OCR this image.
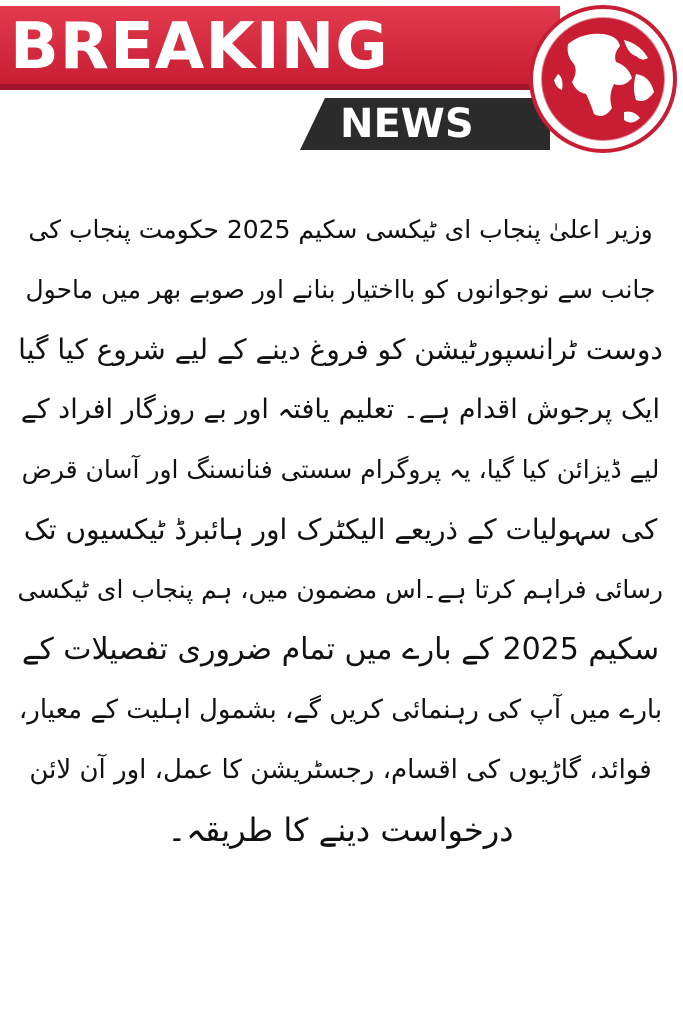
BREAKING
NEWS
وزیر اعلیٰ پنجاب ای ٹیکسی سکیم 2025 حکومت پنجاب کی
جانب سے نوجوانوں کو بااختیار بنانے اور صوبے بھر میں ماحول
دوست ٹرانسپورٹیشن کو فروغ دینے کے لیے شروع کیا گیا
ایک پرجوش اقدام ہے۔ تعلیم یافتہ اور بے روزگار افراد کے
لیے ڈیزائن کیا گیا، یہ پروگرام سستی فنانسنگ اور آسان قرض
کی سہولیات کے ذریعے الیکٹرک اور ہائبرڈ ٹیکسیوں تک
رسائی فراہم کرتا ہے۔اس مضمون میں، ہم پنجاب ای ٹیکسی
سکیم 2025 کے بارے میں تمام ضروری تفصیلات کے
بارے میں آپ کی رہنمائی کریں گے، بشمول اہلیت کے معیار،
فوائد، گاڑیوں کی اقسام، رجسٹریشن کا عمل، اور آن لائن
درخواست دینے کا طریقہ۔
